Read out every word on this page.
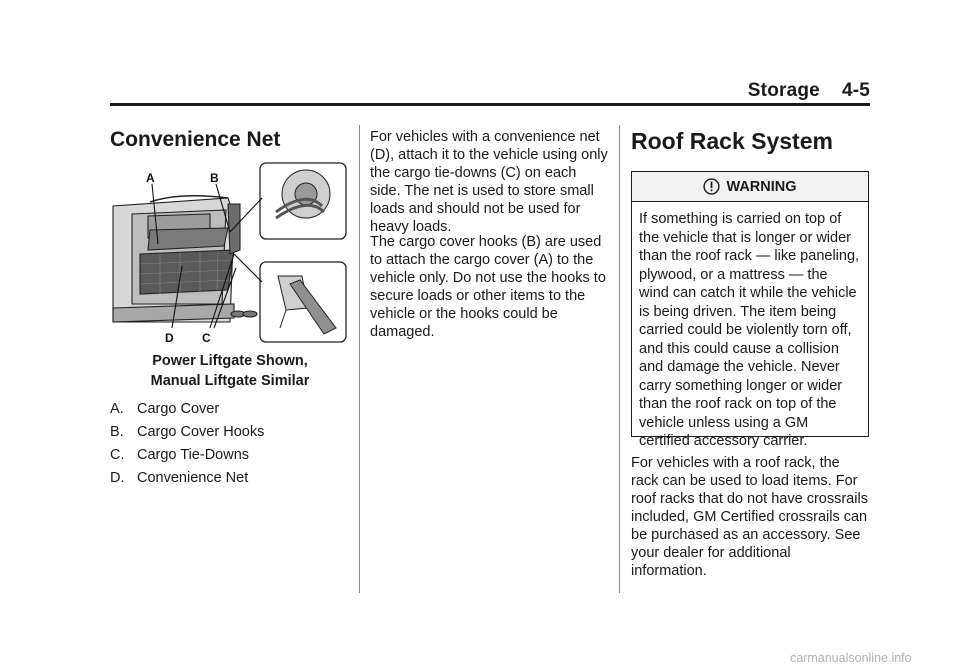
Storage 4-5
Convenience Net
A	B
D C
Power Liftgate Shown,
Manual Liftgate Similar
A. Cargo Cover
B. Cargo Cover Hooks
C. Cargo Tie-Downs
D. Convenience Net

For vehicles with a convenience net (D), attach it to the vehicle using only the cargo tie-downs (C) on each side. The net is used to store small loads and should not be used for heavy loads.

The cargo cover hooks (B) are used to attach the cargo cover (A) to the vehicle only. Do not use the hooks to secure loads or other items to the vehicle or the hooks could be damaged.

Roof Rack System
WARNING

If something is carried on top of the vehicle that is longer or wider than the roof rack — like paneling, plywood, or a mattress — the wind can catch it while the vehicle is being driven. The item being carried could be violently torn off, and this could cause a collision and damage the vehicle. Never carry something longer or wider than the roof rack on top of the vehicle unless using a GM certified accessory carrier.

For vehicles with a roof rack, the rack can be used to load items. For roof racks that do not have crossrails included, GM Certified crossrails can be purchased as an accessory. See your dealer for additional information.

carmanualsonline.info
